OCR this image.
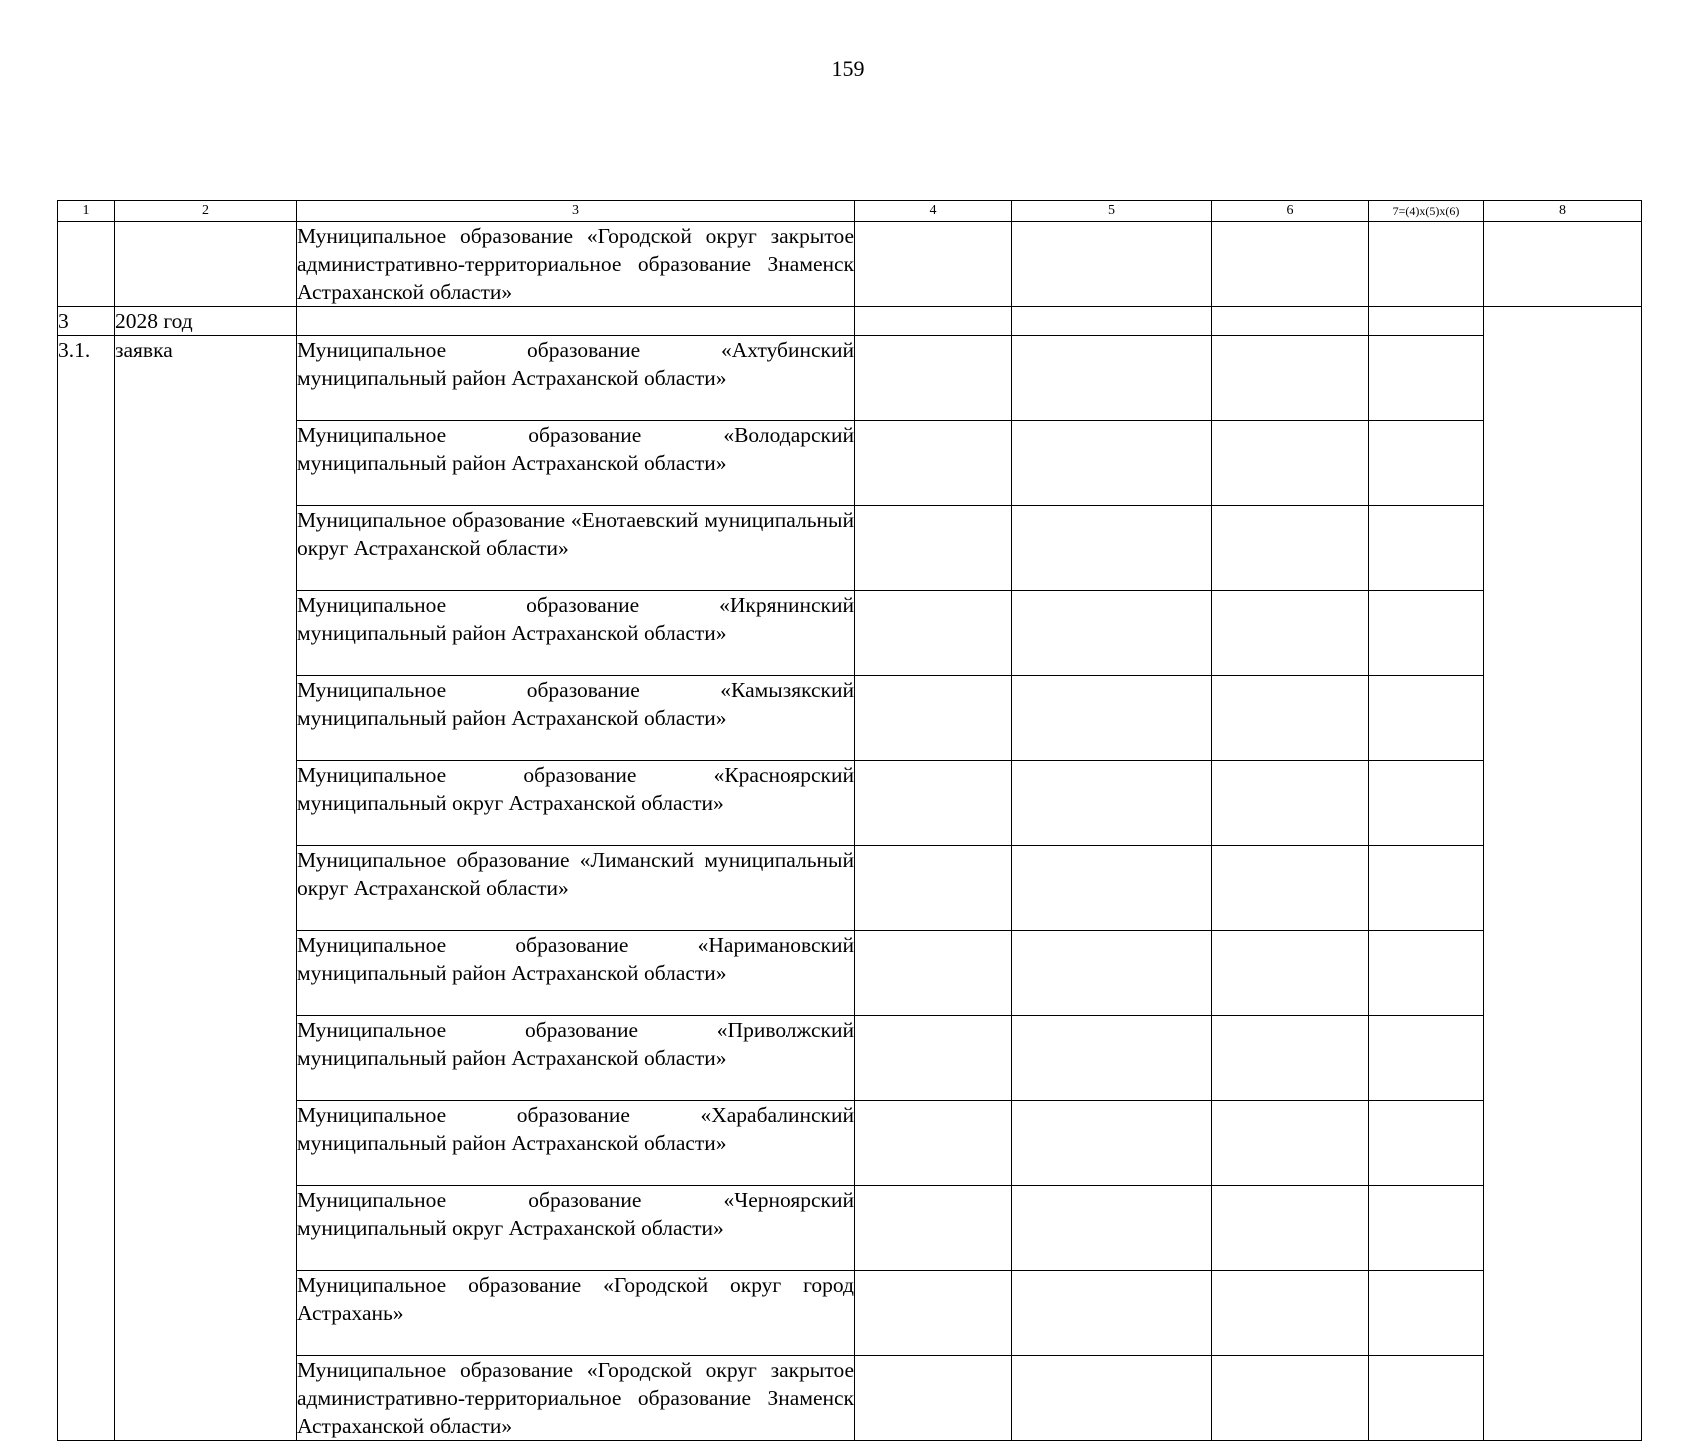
159
1	2	3	4	5	6	7=(4)x(5)x(6)	8
		Муниципальное образование «Городской округ закрытое административно-территориальное образование Знаменск Астраханской области»					
3	2028 год						
3.1.	заявка	Муниципальное образование «Ахтубинский муниципальный район Астраханской области»					
		Муниципальное образование «Володарский муниципальный район Астраханской области»					
		Муниципальное образование «Енотаевский муниципальный округ Астраханской области»					
		Муниципальное образование «Икрянинский муниципальный район Астраханской области»					
		Муниципальное образование «Камызякский муниципальный район Астраханской области»					
		Муниципальное образование «Красноярский муниципальный округ Астраханской области»					
		Муниципальное образование «Лиманский муниципальный округ Астраханской области»					
		Муниципальное образование «Наримановский муниципальный район Астраханской области»					
		Муниципальное образование «Приволжский муниципальный район Астраханской области»					
		Муниципальное образование «Харабалинский муниципальный район Астраханской области»					
		Муниципальное образование «Черноярский муниципальный округ Астраханской области»					
		Муниципальное образование «Городской округ город Астрахань»					
		Муниципальное образование «Городской округ закрытое административно-территориальное образование Знаменск Астраханской области»					
